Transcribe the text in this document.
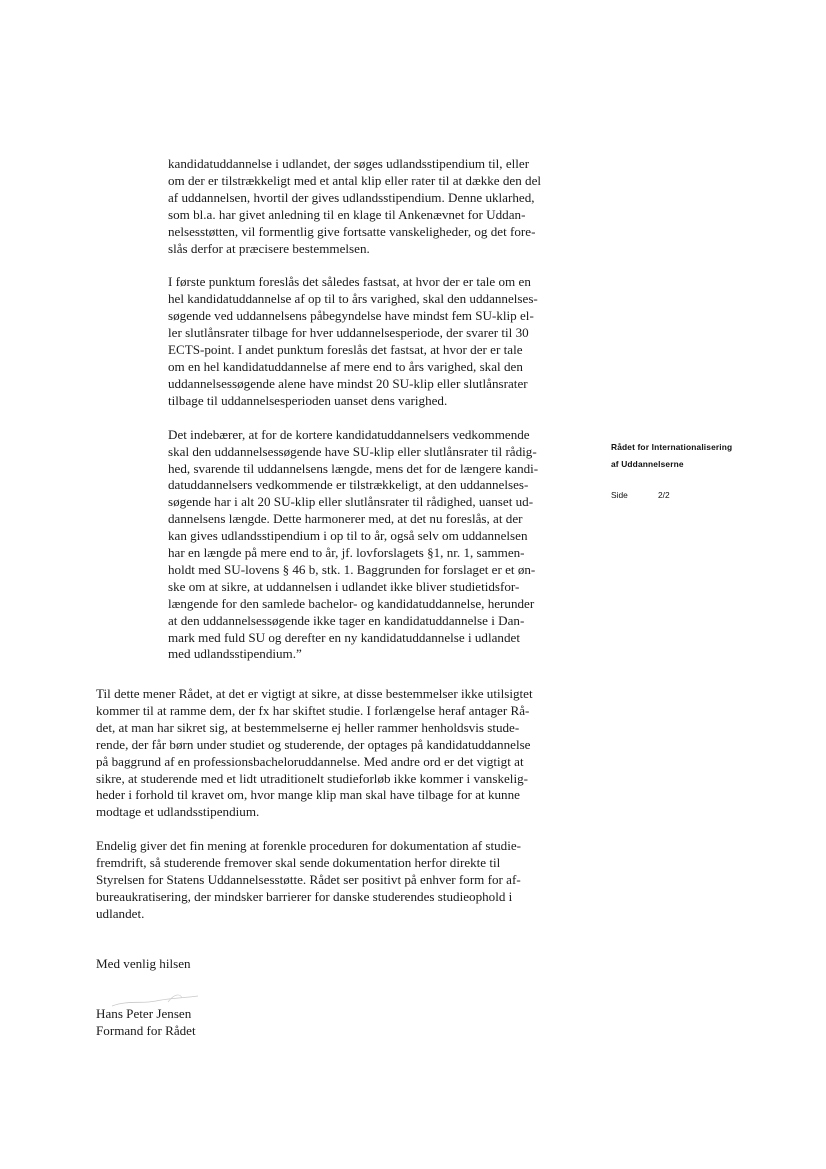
Rådet for Internationalisering
af Uddannelserne
Side	2/2

kandidatuddannelse i udlandet, der søges udlandsstipendium til, eller
om der er tilstrækkeligt med et antal klip eller rater til at dække den del
af uddannelsen, hvortil der gives udlandsstipendium. Denne uklarhed,
som bl.a. har givet anledning til en klage til Ankenævnet for Uddan-
nelsesstøtten, vil formentlig give fortsatte vanskeligheder, og det fore-
slås derfor at præcisere bestemmelsen.

I første punktum foreslås det således fastsat, at hvor der er tale om en
hel kandidatuddannelse af op til to års varighed, skal den uddannelses-
søgende ved uddannelsens påbegyndelse have mindst fem SU-klip el-
ler slutlånsrater tilbage for hver uddannelsesperiode, der svarer til 30
ECTS-point. I andet punktum foreslås det fastsat, at hvor der er tale
om en hel kandidatuddannelse af mere end to års varighed, skal den
uddannelsessøgende alene have mindst 20 SU-klip eller slutlånsrater
tilbage til uddannelsesperioden uanset dens varighed.

Det indebærer, at for de kortere kandidatuddannelsers vedkommende
skal den uddannelsessøgende have SU-klip eller slutlånsrater til rådig-
hed, svarende til uddannelsens længde, mens det for de længere kandi-
datuddannelsers vedkommende er tilstrækkeligt, at den uddannelses-
søgende har i alt 20 SU-klip eller slutlånsrater til rådighed, uanset ud-
dannelsens længde. Dette harmonerer med, at det nu foreslås, at der
kan gives udlandsstipendium i op til to år, også selv om uddannelsen
har en længde på mere end to år, jf. lovforslagets §1, nr. 1, sammen-
holdt med SU-lovens § 46 b, stk. 1. Baggrunden for forslaget er et øn-
ske om at sikre, at uddannelsen i udlandet ikke bliver studietidsfor-
længende for den samlede bachelor- og kandidatuddannelse, herunder
at den uddannelsessøgende ikke tager en kandidatuddannelse i Dan-
mark med fuld SU og derefter en ny kandidatuddannelse i udlandet
med udlandsstipendium.”

Til dette mener Rådet, at det er vigtigt at sikre, at disse bestemmelser ikke utilsigtet
kommer til at ramme dem, der fx har skiftet studie. I forlængelse heraf antager Rå-
det, at man har sikret sig, at bestemmelserne ej heller rammer henholdsvis stude-
rende, der får børn under studiet og studerende, der optages på kandidatuddannelse
på baggrund af en professionsbacheloruddannelse. Med andre ord er det vigtigt at
sikre, at studerende med et lidt utraditionelt studieforløb ikke kommer i vanskelig-
heder i forhold til kravet om, hvor mange klip man skal have tilbage for at kunne
modtage et udlandsstipendium.

Endelig giver det fin mening at forenkle proceduren for dokumentation af studie-
fremdrift, så studerende fremover skal sende dokumentation herfor direkte til
Styrelsen for Statens Uddannelsesstøtte. Rådet ser positivt på enhver form for af-
bureaukratisering, der mindsker barrierer for danske studerendes studieophold i
udlandet.

Med venlig hilsen
Hans Peter Jensen
Formand for Rådet
